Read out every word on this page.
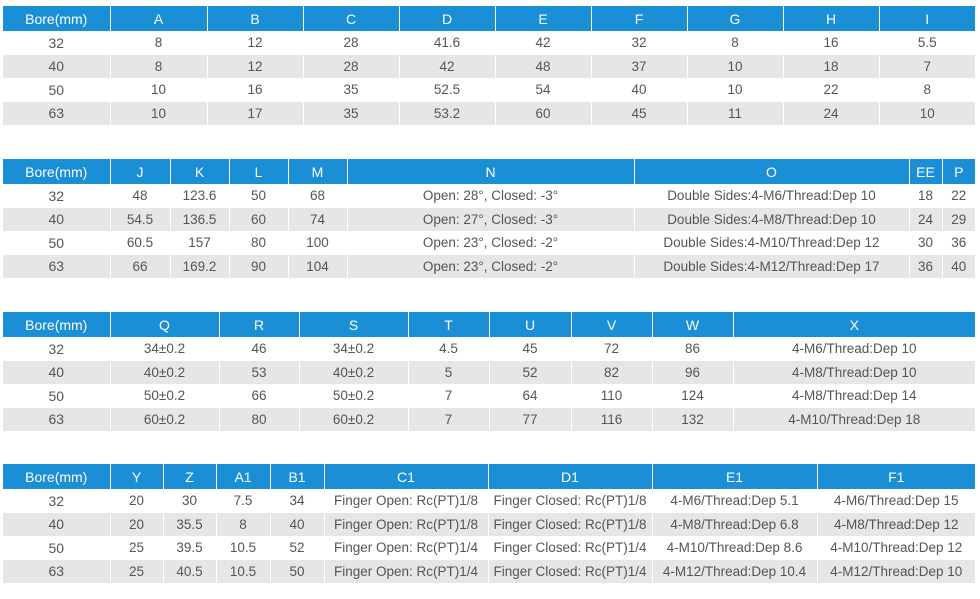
Bore(mm)	A	B	C	D	E	F	G	H	I
32	8	12	28	41.6	42	32	8	16	5.5
40	8	12	28	42	48	37	10	18	7
50	10	16	35	52.5	54	40	10	22	8
63	10	17	35	53.2	60	45	11	24	10
Bore(mm)	J	K	L	M	N	O	EE	P
32	48	123.6	50	68	Open: 28°, Closed: -3°	Double Sides:4-M6/Thread:Dep 10	18	22
40	54.5	136.5	60	74	Open: 27°, Closed: -3°	Double Sides:4-M8/Thread:Dep 10	24	29
50	60.5	157	80	100	Open: 23°, Closed: -2°	Double Sides:4-M10/Thread:Dep 12	30	36
63	66	169.2	90	104	Open: 23°, Closed: -2°	Double Sides:4-M12/Thread:Dep 17	36	40
Bore(mm)	Q	R	S	T	U	V	W	X
32	34±0.2	46	34±0.2	4.5	45	72	86	4-M6/Thread:Dep 10
40	40±0.2	53	40±0.2	5	52	82	96	4-M8/Thread:Dep 10
50	50±0.2	66	50±0.2	7	64	110	124	4-M8/Thread:Dep 14
63	60±0.2	80	60±0.2	7	77	116	132	4-M10/Thread:Dep 18
Bore(mm)	Y	Z	A1	B1	C1	D1	E1	F1
32	20	30	7.5	34	Finger Open: Rc(PT)1/8	Finger Closed: Rc(PT)1/8	4-M6/Thread:Dep 5.1	4-M6/Thread:Dep 15
40	20	35.5	8	40	Finger Open: Rc(PT)1/8	Finger Closed: Rc(PT)1/8	4-M8/Thread:Dep 6.8	4-M8/Thread:Dep 12
50	25	39.5	10.5	52	Finger Open: Rc(PT)1/4	Finger Closed: Rc(PT)1/4	4-M10/Thread:Dep 8.6	4-M10/Thread:Dep 12
63	25	40.5	10.5	50	Finger Open: Rc(PT)1/4	Finger Closed: Rc(PT)1/4	4-M12/Thread:Dep 10.4	4-M12/Thread:Dep 10
